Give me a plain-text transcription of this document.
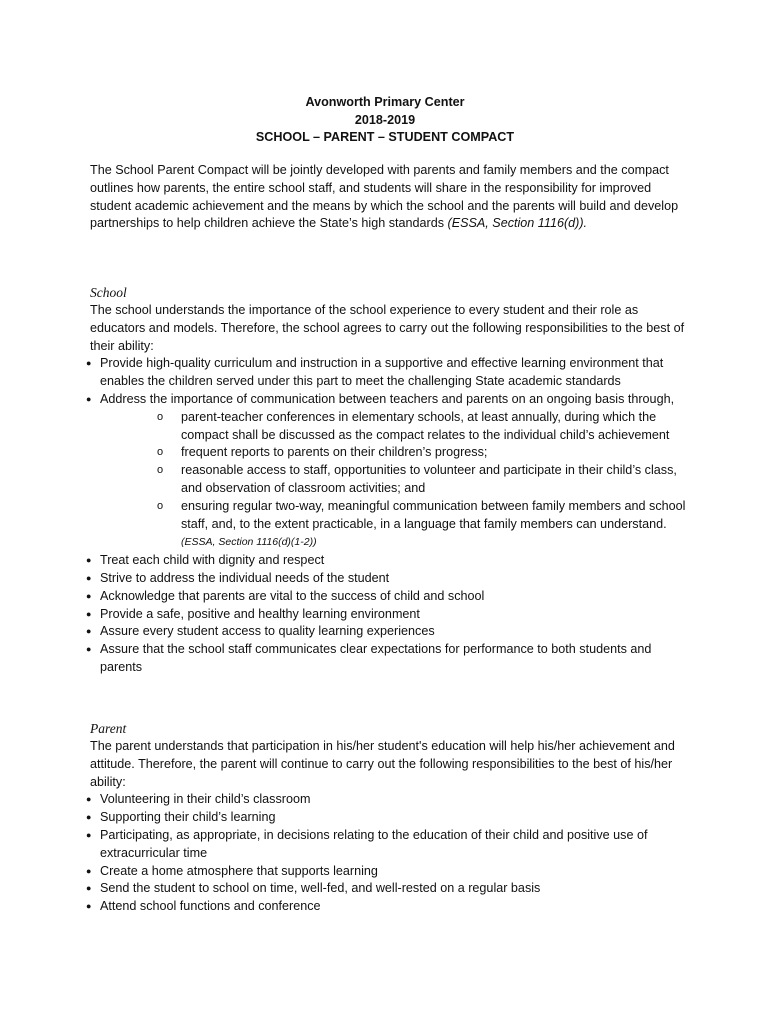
Avonworth Primary Center
2018-2019
SCHOOL – PARENT – STUDENT COMPACT
The School Parent Compact will be jointly developed with parents and family members and the compact outlines how parents, the entire school staff, and students will share in the responsibility for improved student academic achievement and the means by which the school and the parents will build and develop partnerships to help children achieve the State’s high standards (ESSA, Section 1116(d)).
School

The school understands the importance of the school experience to every student and their role as educators and models. Therefore, the school agrees to carry out the following responsibilities to the best of their ability:

● Provide high-quality curriculum and instruction in a supportive and effective learning environment that enables the children served under this part to meet the challenging State academic standards
● Address the importance of communication between teachers and parents on an ongoing basis through,
o parent-teacher conferences in elementary schools, at least annually, during which the compact shall be discussed as the compact relates to the individual child’s achievement
o frequent reports to parents on their children’s progress;
o reasonable access to staff, opportunities to volunteer and participate in their child’s class, and observation of classroom activities; and
o ensuring regular two-way, meaningful communication between family members and school staff, and, to the extent practicable, in a language that family members can understand. (ESSA, Section 1116(d)(1-2))
● Treat each child with dignity and respect
● Strive to address the individual needs of the student
● Acknowledge that parents are vital to the success of child and school
● Provide a safe, positive and healthy learning environment
● Assure every student access to quality learning experiences
● Assure that the school staff communicates clear expectations for performance to both students and parents
Parent

The parent understands that participation in his/her student's education will help his/her achievement and attitude. Therefore, the parent will continue to carry out the following responsibilities to the best of his/her ability:

● Volunteering in their child’s classroom
● Supporting their child’s learning
● Participating, as appropriate, in decisions relating to the education of their child and positive use of extracurricular time
● Create a home atmosphere that supports learning
● Send the student to school on time, well-fed, and well-rested on a regular basis
● Attend school functions and conference
